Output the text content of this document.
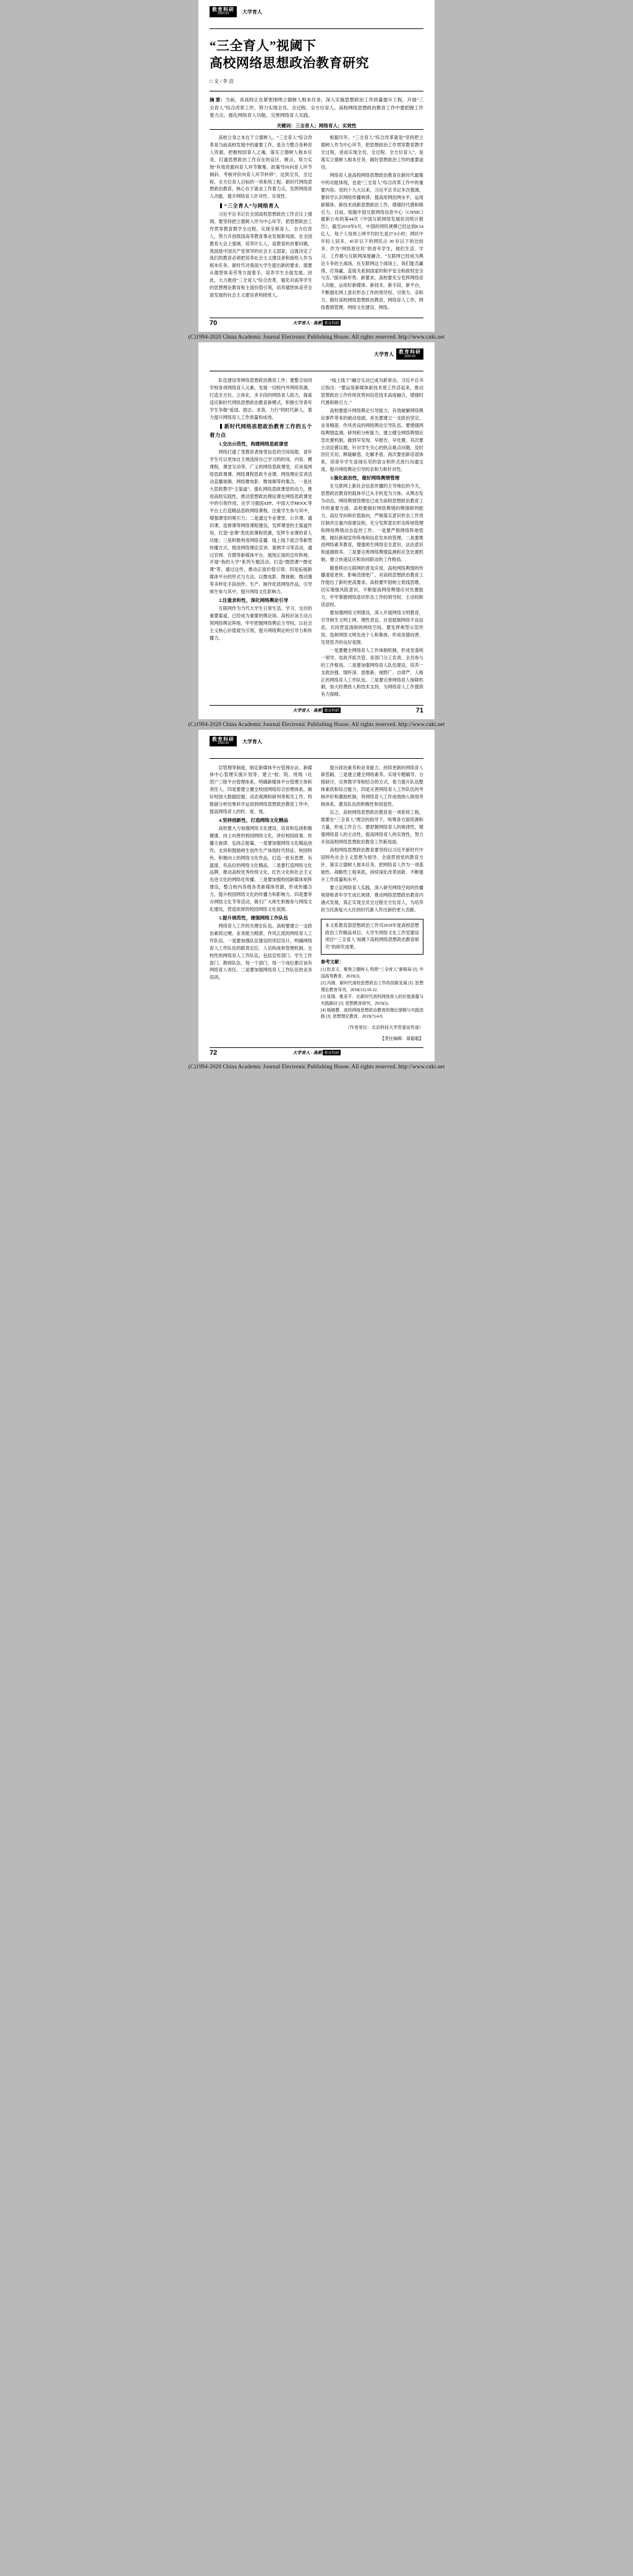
教育科研
2020.03	大学育人
“三全育人”视阈下
高校网络思想政治教育研究
□ 文 / 李 洁
摘 要：当前，各高校正在紧密围绕立德树人根本任务，深入实施思想政治工作质量提升工程，开展“三全育人”综合改革工作，努力实现全员、全过程、全方位育人。高校网络思想政治教育工作中要把握工作着力点，强化网络育人功能，完善网络育人实践。
关键词：三全育人；网络育人；实效性

高校立身之本在于立德树人。“三全育人”综合改革是当前高校发展中的重要工作，是全力整合各种育人资源，把握校园育人之魂，落实立德树人根本任务，打通思想政治工作存在的盲区、断点，努力实现“有效资源向育人环节聚集、政策导向向育人环节倾斜、考核评价向育人环节转移”，达到全员、全过程、全方位育人目标的一项系统工程。新时代网络思想政治教育，核心在于就业工作着力点，发挥网络育人功能，提升网络育人针对性、实效性。

“三全育人”与网络育人

习近平总书记在全国高校思想政治工作会议上强调，要坚持把立德树人作为中心环节，把思想政治工作贯穿教育教学全过程，实现全程育人、全方位育人，努力开创我国高等教育事业发展新局面。在全国教育大会上强调，培养什么人，是教育的首要问题。我国是中国共产党领导的社会主义国家，这就决定了我们的教育必须把培养社会主义建设者和接班人作为根本任务。新时代对我国大学生提出新的要求，需要从德智体美劳等方面着手，培养学生全面发展。因此，大力推进“三全育人”综合改革，强化对高等学生的思想理论教育和主流价值引领，培养德智体美劳全面发展的社会主义建设者和接班人。

根据历年，“三全育人”综合改革就是“坚持把立德树人作为中心环节，把思想政治工作贯穿教育教学全过程，进而实现全员、全过程、全方位育人”，是落实立德树人根本任务，做好思想政治工作的重要途径。

网络育人是高校网络思想政治教育在新时代最集中的功能体现，也是“三全育人”综合改革工作中的重要内容。党的十九大以来，习近平总书记多次强调，要科学认识网络传播规律，提高用网治网水平，运用新媒体、新技术创新思想政治工作，增强时代感和吸引力。目前，根据中国互联网络信息中心（CNNIC）最新公布的第44次《中国互联网络发展状况统计报告》，截至2019年6月，中国的网民规模已经达到8.54亿人，每个人每周上网平均时长是27.9小时；网民中年轻人居多，45岁以下的网民占 30 岁以下的比较多。作为“网络原住民”的青年学生，他们生活、学习、工作都与互联网深度融合。“互联网已经成为舆论斗争的主战场，在互联网这个战场上，我们能否赢得，打得赢，直接关系到国家的和平安全和政权安全与否。”面对新形势、新要求，高校要充分发挥网络育人功能，运用好新媒体、新技术，新手段、新平台，不断强化网上意识形态工作的领导权、引领力、亲和力，做好高校网络思想政治教育，网络育人工作，网络教情管理、网络文化建设、网络。

70	大学育人 · 高教 教育科研
(C)1994-2020 China Academic Journal Electronic Publishing House. All rights reserved. http://www.cnki.net
大学育人 教育科研
2020.03

队伍建设等网络思想政治教育工作；要整合协同学校各项网络育人元素，发展一切校内外网络资源，打造全方位、立体化、多手段的网络育人助力，探索适应新时代网络思想政治教育新模式，积极引导青年学生争做“爱国、励志、求真、力行”的时代新人，着力提升网络育人工作质量和成效。

新时代网络思想政治教育工作的五个着力点

1.交出示范性，构建网络思政课堂

网络打通了受教育者接受信息的空间局限，青年学生可以更加自主地选择自己学习的时间、内容、模课程，课堂互动等。广义的网络思政课堂，应该是网络思政课课、网络课程思政专业课、网络理论宣讲活动直播视频、网络微电影、微视频等的集合。一是社大思政教学“主渠道”。强化网络思政课堂的动力，推进高校实践性，推动思想政治理论课在网络思政课堂中的引领作用，在学习强国APP、中国大学MOOC等平台上打造精品思政网络课程，注重学生参与其中，增强课堂的吸引力；二是通过专业课堂、公共课、通识课、选修课等网络课程建设，发挥课堂的主渠道作用，打造“金课”类优质课程资源，发挥专业课的育人功能；三是积极利用网络直播、线上线下混合等新型传播方式，推进网络理论宣讲、案例学习等活动，通过官网、官微等新媒体平台，展现正面的宣传阵地、开展“我的大学”系列专题活动，打造“微团课”“微党课”等，通过这些，推动正面价值引领；四是拓展新媒体平台的形式与方法，以微电影、微视频、微动漫等多样化手段创作、生产、制作优质网络作品，引导师生参与其中，提升网络文化影响力。

2.注重亲和性，深化网络舆论引导

互联网作为当代大学生日常生活、学习、交往的重要渠道，已经成为重要的舆论场。高校应该主动占领网络舆论阵地，牢牢把握网络舆论主导权，以社会主义核心价值观为引领，提升网络舆论的引导力和传播力。

“线上线下”融合互动已成为新常态。习近平总书记指出：“要运用新媒体新技术使工作活起来，推动思想政治工作传统优势同信息技术高度融合，增强时代感和吸引力。”

高校要提升网络舆论引导能力，有效破解网络舆论事件带来的被动局面，首先要建立一支政治坚定、业务精湛、作风优良的网络舆论引导队伍。要增强网络舆情监测、研判和分析能力，建立健全网络舆情应急处置机制，做到早发现、早报告、早处置。其次要主动设置议题，针对学生关心的热点难点问题，及时回应关切，释疑解惑，化解矛盾。再次要创新话语体系，用青年学生喜闻乐见的语言和形式进行沟通交流，提升网络舆论引导的亲和力和针对性。

3.强化政治性，做好网络舆情管理

在互联网上新社会信息传播的主导地位的今天，思想政治教育的载体早已从手机变为力体。从舆态发为动态，网络舆情管理也已成为高校思想政治教育工作的重要方面。高校要做好网络舆情的舆情研判能力，高位导向和价值取向，严格落实意识形态工作责任制并注重内容建设和，充分发挥意识形态阵地管理和网络舆情动态监控工作。一是要严格网络阵地管理，做好新闻宣传阵地和信息发布的管理。二是要推进网络素养教育，增强师生网络安全意识、法治意识和道德修养。三是要完善网络舆情监测和应急处置机制，建立快速反应和协同联动的工作格局。

随着移动互联网的普及应用，高校网络舆情的传播速度更快、影响范围更广，对高校思想政治教育工作提出了新的更高要求。高校要牢固树立底线思维，切实增强风险意识，不断提高网络舆情应对处置能力，牢牢掌握网络意识形态工作的领导权、主动权和话语权。

要加强网络文明建设，深入开展网络文明教育，引导师生文明上网、理性表达，自觉抵制网络不良信息，共同营造清朗的网络空间。要发挥典型示范作用，选树网络文明先进个人和集体，形成崇德向善、见贤思齐的良好氛围。

一是要健全网络育人工作体制机制，形成党委统一领导、党政齐抓共管、各部门分工负责、全员参与的工作格局。二是要加强网络育人队伍建设，培养一支政治强、情怀深、思维新、视野广、自律严、人格正的网络育人工作队伍。三是要完善网络育人保障机制，加大经费投入和技术支持，为网络育人工作提供有力保障。

71
大学育人 · 高教 教育科研
(C)1994-2020 China Academic Journal Electronic Publishing House. All rights reserved. http://www.cnki.net
教育科研
2020.03	大学育人

层管理等制度，制定新媒体平台管理办法、新媒体中心管理实施计划等，建立“校、院、班级（社团）”三级平台管理体系，明确新媒体平台管理主体和责任人。四是要建立健全校园网络综合治理体系，做好校园大数据挖掘、动态观测和研判等相关工作。将数据分析结果科学运用到网络思想政治教育工作中，提高网络育人的时、度、效。

4.坚持创新性，打造网络文化精品

高校要大力加强网络文化建设，培育和弘扬积极健康、向上向善的校园网络文化，讲好校园故事，传播主旋律、弘扬正能量。一是要加强网络文化精品创作，支持和鼓励师生创作生产体现时代特征、校园特色、积极向上的网络文化作品，打造一批有思想、有温度、有品位的网络文化精品。二是要打造网络文化品牌，推动高校优秀传统文化、红色文化和社会主义先进文化的网络化传播。三是要加强校园新媒体矩阵建设，整合校内各级各类新媒体资源，形成传播合力，提升校园网络文化的传播力和影响力。四是要举办网络文化节等活动，吸引广大师生积极参与网络文化建设，营造浓厚的校园网络文化氛围。

5.提升规范性，建强网络工作队伍

网络育人工作的关键在队伍。高校要建立一支政治素质过硬、业务能力精湛、作风正派的网络育人工作队伍。一是要加强队伍建设的顶层设计，明确网络育人工作队伍的职责定位、人员构成和管理机制。全校性的网络育人工作队伍，包括宣传部门、学生工作部门、教师队伍、每一个部门、每一个岗位都应该有网络育人责任。二是要加强网络育人工作队伍的业务培训，

提升政治素养和业务能力，持续更新的网络育人新思路，三是建立健全网络素养，实现专题辅导、分级研讨，完善教学等相结合的方式，着力提升队伍整体素质和综合能力。四是完善网络育人工作队伍的考核评价和激励机制，将网络育人工作成效纳入绩效考核体系，激发队伍的积极性和创造性。

总之，高校网络思想政治教育是一项系统工程，需要在“三全育人”理念的指导下，统筹各方面资源和力量，形成工作合力。要把握网络育人的规律性，增强网络育人的主动性，提高网络育人的实效性，努力开创高校网络思想政治教育工作新局面。

高校网络思想政治教育要坚持以习近平新时代中国特色社会主义思想为指导，全面贯彻党的教育方针，落实立德树人根本任务，把网络育人作为一项基础性、战略性工程来抓，持续深化改革创新，不断提升工作质量和水平。

要立足网络育人实践，深入研究网络空间的传播规律和青年学生成长规律，推动网络思想政治教育内涵式发展，真正实现全员全过程全方位育人，为培养担当民族复兴大任的时代新人作出新的更大贡献。

本文系教育部思想政治工作司2019年度高校思想政治工作精品项目、大学生网络文化工作室建设项目“‘三全育人’视阈下高校网络思想政治教育研究”的研究成果。
参考文献：
[1] 赵京文．聚焦立德树人 构筑“三全育人”新格局 [J]. 中国高等教育，2019(3)．
[2] 冯刚．新时代高校思想政治工作的创新发展 [J]. 思想理论教育导刊，2018(12):10-12．
[3] 张瑞，姚亚平．论新时代高校网络育人的价值意蕴与实践路径 [J]. 思想教育研究，2019(5)．
[4] 杨晓慧．高校网络思想政治教育的理论逻辑与实践进路 [J]. 思想理论教育，2019(7):4-9．
（作者单位：北京科技大学党委宣传部）
【责任编辑：周聪聪】
72	大学育人 · 高教 教育科研
(C)1994-2020 China Academic Journal Electronic Publishing House. All rights reserved. http://www.cnki.net
